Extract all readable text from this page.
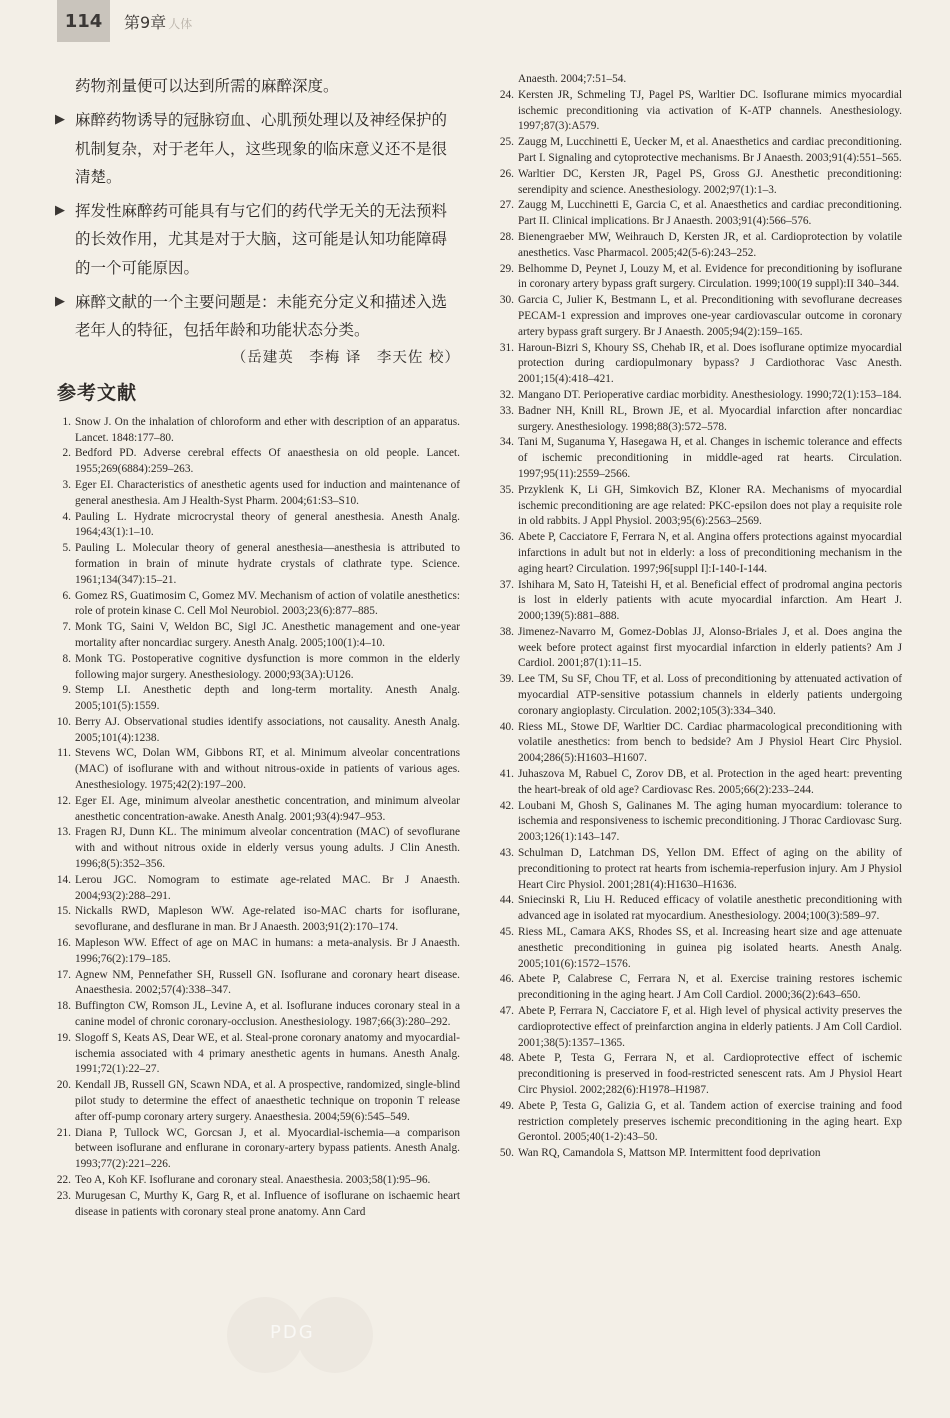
114	第9章 人体

药物剂量便可以达到所需的麻醉深度。

▶ 麻醉药物诱导的冠脉窃血、心肌预处理以及神经保护的机制复杂，对于老年人，这些现象的临床意义还不是很清楚。
▶ 挥发性麻醉药可能具有与它们的药代学无关的无法预料的长效作用，尤其是对于大脑，这可能是认知功能障碍的一个可能原因。
▶ 麻醉文献的一个主要问题是：未能充分定义和描述入选老年人的特征，包括年龄和功能状态分类。
（岳建英　李梅 译　李天佐 校）
参考文献
1. Snow J. On the inhalation of chloroform and ether with description of an apparatus. Lancet. 1848:177–80.
2. Bedford PD. Adverse cerebral effects Of anaesthesia on old people. Lancet. 1955;269(6884):259–263.
3. Eger EI. Characteristics of anesthetic agents used for induction and maintenance of general anesthesia. Am J Health-Syst Pharm. 2004;61:S3–S10.
4. Pauling L. Hydrate microcrystal theory of general anesthesia. Anesth Analg. 1964;43(1):1–10.
5. Pauling L. Molecular theory of general anesthesia—anesthesia is attributed to formation in brain of minute hydrate crystals of clathrate type. Science. 1961;134(347):15–21.
6. Gomez RS, Guatimosim C, Gomez MV. Mechanism of action of volatile anesthetics: role of protein kinase C. Cell Mol Neurobiol. 2003;23(6):877–885.
7. Monk TG, Saini V, Weldon BC, Sigl JC. Anesthetic management and one-year mortality after noncardiac surgery. Anesth Analg. 2005;100(1):4–10.
8. Monk TG. Postoperative cognitive dysfunction is more common in the elderly following major surgery. Anesthesiology. 2000;93(3A):U126.
9. Stemp LI. Anesthetic depth and long-term mortality. Anesth Analg. 2005;101(5):1559.
10. Berry AJ. Observational studies identify associations, not causality. Anesth Analg. 2005;101(4):1238.
11. Stevens WC, Dolan WM, Gibbons RT, et al. Minimum alveolar concentrations (MAC) of isoflurane with and without nitrous-oxide in patients of various ages. Anesthesiology. 1975;42(2):197–200.
12. Eger EI. Age, minimum alveolar anesthetic concentration, and minimum alveolar anesthetic concentration-awake. Anesth Analg. 2001;93(4):947–953.
13. Fragen RJ, Dunn KL. The minimum alveolar concentration (MAC) of sevoflurane with and without nitrous oxide in elderly versus young adults. J Clin Anesth. 1996;8(5):352–356.
14. Lerou JGC. Nomogram to estimate age-related MAC. Br J Anaesth. 2004;93(2):288–291.
15. Nickalls RWD, Mapleson WW. Age-related iso-MAC charts for isoflurane, sevoflurane, and desflurane in man. Br J Anaesth. 2003;91(2):170–174.
16. Mapleson WW. Effect of age on MAC in humans: a meta-analysis. Br J Anaesth. 1996;76(2):179–185.
17. Agnew NM, Pennefather SH, Russell GN. Isoflurane and coronary heart disease. Anaesthesia. 2002;57(4):338–347.
18. Buffington CW, Romson JL, Levine A, et al. Isoflurane induces coronary steal in a canine model of chronic coronary-occlusion. Anesthesiology. 1987;66(3):280–292.
19. Slogoff S, Keats AS, Dear WE, et al. Steal-prone coronary anatomy and myocardial-ischemia associated with 4 primary anesthetic agents in humans. Anesth Analg. 1991;72(1):22–27.
20. Kendall JB, Russell GN, Scawn NDA, et al. A prospective, randomized, single-blind pilot study to determine the effect of anaesthetic technique on troponin T release after off-pump coronary artery surgery. Anaesthesia. 2004;59(6):545–549.
21. Diana P, Tullock WC, Gorcsan J, et al. Myocardial-ischemia—a comparison between isoflurane and enflurane in coronary-artery bypass patients. Anesth Analg. 1993;77(2):221–226.
22. Teo A, Koh KF. Isoflurane and coronary steal. Anaesthesia. 2003;58(1):95–96.
23. Murugesan C, Murthy K, Garg R, et al. Influence of isoflurane on ischaemic heart disease in patients with coronary steal prone anatomy. Ann Card
Anaesth. 2004;7:51–54.
24. Kersten JR, Schmeling TJ, Pagel PS, Warltier DC. Isoflurane mimics myocardial ischemic preconditioning via activation of K-ATP channels. Anesthesiology. 1997;87(3):A579.
25. Zaugg M, Lucchinetti E, Uecker M, et al. Anaesthetics and cardiac preconditioning. Part I. Signaling and cytoprotective mechanisms. Br J Anaesth. 2003;91(4):551–565.
26. Warltier DC, Kersten JR, Pagel PS, Gross GJ. Anesthetic preconditioning: serendipity and science. Anesthesiology. 2002;97(1):1–3.
27. Zaugg M, Lucchinetti E, Garcia C, et al. Anaesthetics and cardiac preconditioning. Part II. Clinical implications. Br J Anaesth. 2003;91(4):566–576.
28. Bienengraeber MW, Weihrauch D, Kersten JR, et al. Cardioprotection by volatile anesthetics. Vasc Pharmacol. 2005;42(5-6):243–252.
29. Belhomme D, Peynet J, Louzy M, et al. Evidence for preconditioning by isoflurane in coronary artery bypass graft surgery. Circulation. 1999;100(19 suppl):II 340–344.
30. Garcia C, Julier K, Bestmann L, et al. Preconditioning with sevoflurane decreases PECAM-1 expression and improves one-year cardiovascular outcome in coronary artery bypass graft surgery. Br J Anaesth. 2005;94(2):159–165.
31. Haroun-Bizri S, Khoury SS, Chehab IR, et al. Does isoflurane optimize myocardial protection during cardiopulmonary bypass? J Cardiothorac Vasc Anesth. 2001;15(4):418–421.
32. Mangano DT. Perioperative cardiac morbidity. Anesthesiology. 1990;72(1):153–184.
33. Badner NH, Knill RL, Brown JE, et al. Myocardial infarction after noncardiac surgery. Anesthesiology. 1998;88(3):572–578.
34. Tani M, Suganuma Y, Hasegawa H, et al. Changes in ischemic tolerance and effects of ischemic preconditioning in middle-aged rat hearts. Circulation. 1997;95(11):2559–2566.
35. Przyklenk K, Li GH, Simkovich BZ, Kloner RA. Mechanisms of myocardial ischemic preconditioning are age related: PKC-epsilon does not play a requisite role in old rabbits. J Appl Physiol. 2003;95(6):2563–2569.
36. Abete P, Cacciatore F, Ferrara N, et al. Angina offers protections against myocardial infarctions in adult but not in elderly: a loss of preconditioning mechanism in the aging heart? Circulation. 1997;96[suppl I]:I-140-I-144.
37. Ishihara M, Sato H, Tateishi H, et al. Beneficial effect of prodromal angina pectoris is lost in elderly patients with acute myocardial infarction. Am Heart J. 2000;139(5):881–888.
38. Jimenez-Navarro M, Gomez-Doblas JJ, Alonso-Briales J, et al. Does angina the week before protect against first myocardial infarction in elderly patients? Am J Cardiol. 2001;87(1):11–15.
39. Lee TM, Su SF, Chou TF, et al. Loss of preconditioning by attenuated activation of myocardial ATP-sensitive potassium channels in elderly patients undergoing coronary angioplasty. Circulation. 2002;105(3):334–340.
40. Riess ML, Stowe DF, Warltier DC. Cardiac pharmacological preconditioning with volatile anesthetics: from bench to bedside? Am J Physiol Heart Circ Physiol. 2004;286(5):H1603–H1607.
41. Juhaszova M, Rabuel C, Zorov DB, et al. Protection in the aged heart: preventing the heart-break of old age? Cardiovasc Res. 2005;66(2):233–244.
42. Loubani M, Ghosh S, Galinanes M. The aging human myocardium: tolerance to ischemia and responsiveness to ischemic preconditioning. J Thorac Cardiovasc Surg. 2003;126(1):143–147.
43. Schulman D, Latchman DS, Yellon DM. Effect of aging on the ability of preconditioning to protect rat hearts from ischemia-reperfusion injury. Am J Physiol Heart Circ Physiol. 2001;281(4):H1630–H1636.
44. Sniecinski R, Liu H. Reduced efficacy of volatile anesthetic preconditioning with advanced age in isolated rat myocardium. Anesthesiology. 2004;100(3):589–97.
45. Riess ML, Camara AKS, Rhodes SS, et al. Increasing heart size and age attenuate anesthetic preconditioning in guinea pig isolated hearts. Anesth Analg. 2005;101(6):1572–1576.
46. Abete P, Calabrese C, Ferrara N, et al. Exercise training restores ischemic preconditioning in the aging heart. J Am Coll Cardiol. 2000;36(2):643–650.
47. Abete P, Ferrara N, Cacciatore F, et al. High level of physical activity preserves the cardioprotective effect of preinfarction angina in elderly patients. J Am Coll Cardiol. 2001;38(5):1357–1365.
48. Abete P, Testa G, Ferrara N, et al. Cardioprotective effect of ischemic preconditioning is preserved in food-restricted senescent rats. Am J Physiol Heart Circ Physiol. 2002;282(6):H1978–H1987.
49. Abete P, Testa G, Galizia G, et al. Tandem action of exercise training and food restriction completely preserves ischemic preconditioning in the aging heart. Exp Gerontol. 2005;40(1-2):43–50.
50. Wan RQ, Camandola S, Mattson MP. Intermittent food deprivation
PDG
